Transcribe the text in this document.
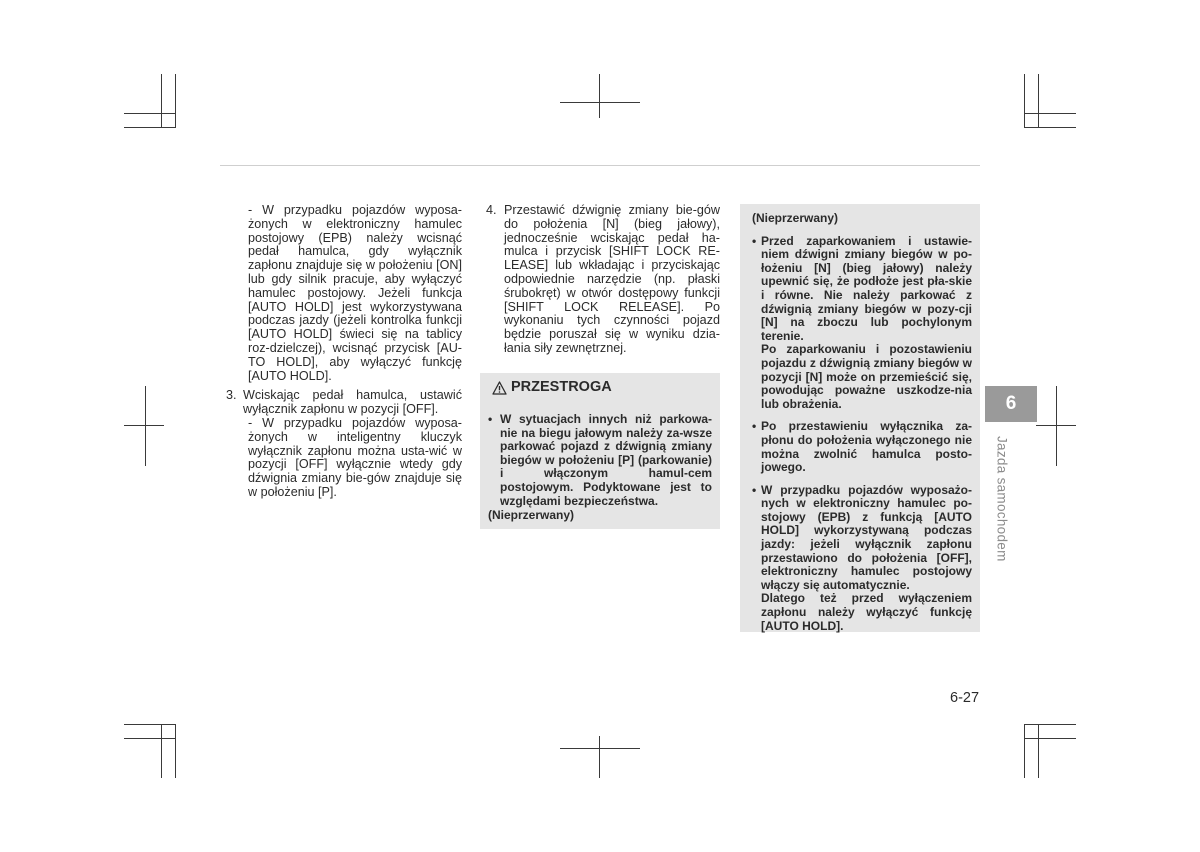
- W przypadku pojazdów wyposa-żonych w elektroniczny hamulec postojowy (EPB) należy wcisnąć pedał hamulca, gdy wyłącznik zapłonu znajduje się w położeniu [ON] lub gdy silnik pracuje, aby wyłączyć hamulec postojowy. Jeżeli funkcja [AUTO HOLD] jest wykorzystywana podczas jazdy (jeżeli kontrolka funkcji [AUTO HOLD] świeci się na tablicy roz-dzielczej), wcisnąć przycisk [AU-TO HOLD], aby wyłączyć funkcję [AUTO HOLD].
3. Wciskając pedał hamulca, ustawić wyłącznik zapłonu w pozycji [OFF].
- W przypadku pojazdów wyposa-żonych w inteligentny kluczyk wyłącznik zapłonu można usta-wić w pozycji [OFF] wyłącznie wtedy gdy dźwignia zmiany bie-gów znajduje się w położeniu [P].
4. Przestawić dźwignię zmiany bie-gów do położenia [N] (bieg jałowy), jednocześnie wciskając pedał ha-mulca i przycisk [SHIFT LOCK RE-LEASE] lub wkładając i przyciskając odpowiednie narzędzie (np. płaski śrubokręt) w otwór dostępowy funkcji [SHIFT LOCK RELEASE]. Po wykonaniu tych czynności pojazd będzie poruszał się w wyniku dzia-łania siły zewnętrznej.
PRZESTROGA
• W sytuacjach innych niż parkowa-nie na biegu jałowym należy za-wsze parkować pojazd z dźwignią zmiany biegów w położeniu [P] (parkowanie) i włączonym hamul-cem postojowym. Podyktowane jest to względami bezpieczeństwa.
(Nieprzerwany)
(Nieprzerwany)
• Przed zaparkowaniem i ustawie-niem dźwigni zmiany biegów w po-łożeniu [N] (bieg jałowy) należy upewnić się, że podłoże jest pła-skie i równe. Nie należy parkować z dźwignią zmiany biegów w pozy-cji [N] na zboczu lub pochylonym terenie.
Po zaparkowaniu i pozostawieniu pojazdu z dźwignią zmiany biegów w pozycji [N] może on przemieścić się, powodując poważne uszkodze-nia lub obrażenia.
• Po przestawieniu wyłącznika za-płonu do położenia wyłączonego nie można zwolnić hamulca posto-jowego.
• W przypadku pojazdów wyposażo-nych w elektroniczny hamulec po-stojowy (EPB) z funkcją [AUTO HOLD] wykorzystywaną podczas jazdy: jeżeli wyłącznik zapłonu przestawiono do położenia [OFF], elektroniczny hamulec postojowy włączy się automatycznie.
Dlatego też przed wyłączeniem zapłonu należy wyłączyć funkcję [AUTO HOLD].
6
Jazda samochodem
6-27
